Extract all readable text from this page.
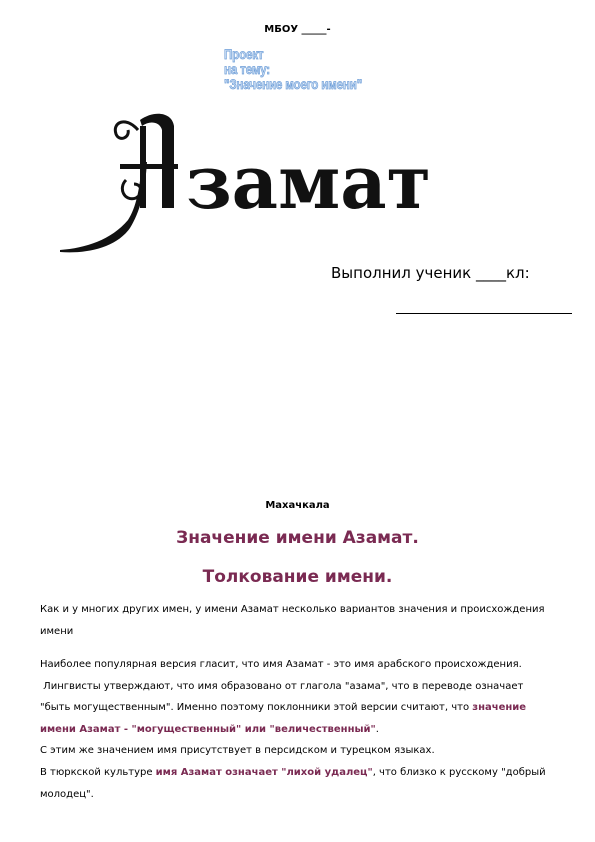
МБОУ _____-
Проект
на тему:
"Значение моего имени"
замат
Выполнил ученик ____кл:
Махачкала
Значение имени Азамат.
Толкование имени.
Как и у многих других имен, у имени Азамат несколько вариантов значения и происхождения имени
Наиболее популярная версия гласит, что имя Азамат - это имя арабского происхождения.
Лингвисты утверждают, что имя образовано от глагола "азама", что в переводе означает
"быть могущественным". Именно поэтому поклонники этой версии считают, что значение
имени Азамат - "могущественный" или "величественный".
С этим же значением имя присутствует в персидском и турецком языках.
В тюркской культуре имя Азамат означает "лихой удалец", что близко к русскому "добрый
молодец".
